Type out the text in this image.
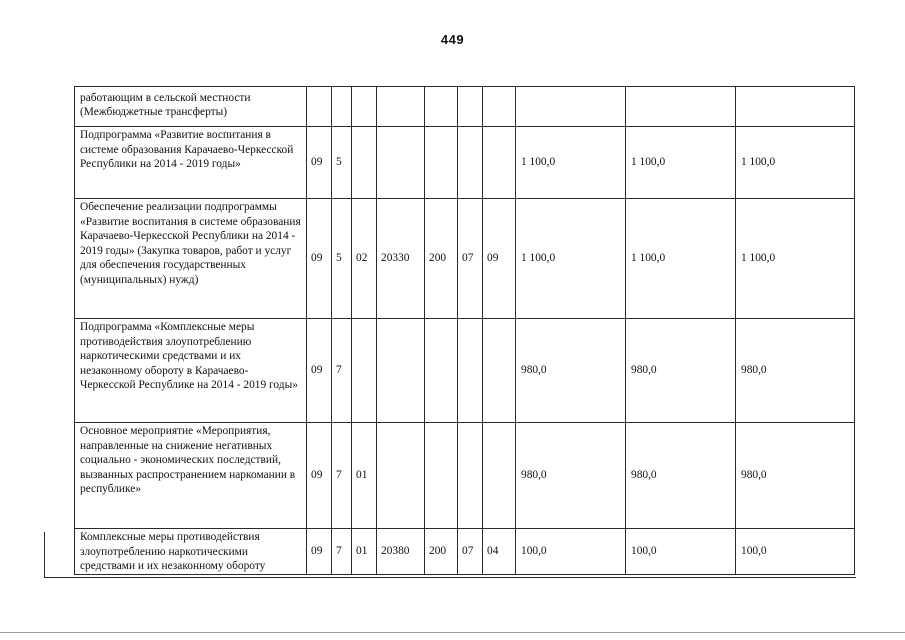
449
работающим в сельской местности (Межбюджетные трансферты)										
Подпрограмма «Развитие воспитания в системе образования Карачаево-Черкесской Республики на 2014 - 2019 годы»	09	5						1 100,0	1 100,0	1 100,0
Обеспечение реализации подпрограммы «Развитие воспитания в системе образования Карачаево-Черкесской Республики на 2014 - 2019 годы» (Закупка товаров, работ и услуг для обеспечения государственных (муниципальных) нужд)	09	5	02	20330	200	07	09	1 100,0	1 100,0	1 100,0
Подпрограмма «Комплексные меры противодействия злоупотреблению наркотическими средствами и их незаконному обороту в Карачаево-Черкесской Республике на 2014 - 2019 годы»	09	7						980,0	980,0	980,0
Основное мероприятие «Мероприятия, направленные на снижение негативных социально - экономических последствий, вызванных распространением наркомании в республике»	09	7	01					980,0	980,0	980,0
Комплексные меры противодействия злоупотреблению наркотическими средствами и их незаконному обороту	09	7	01	20380	200	07	04	100,0	100,0	100,0
